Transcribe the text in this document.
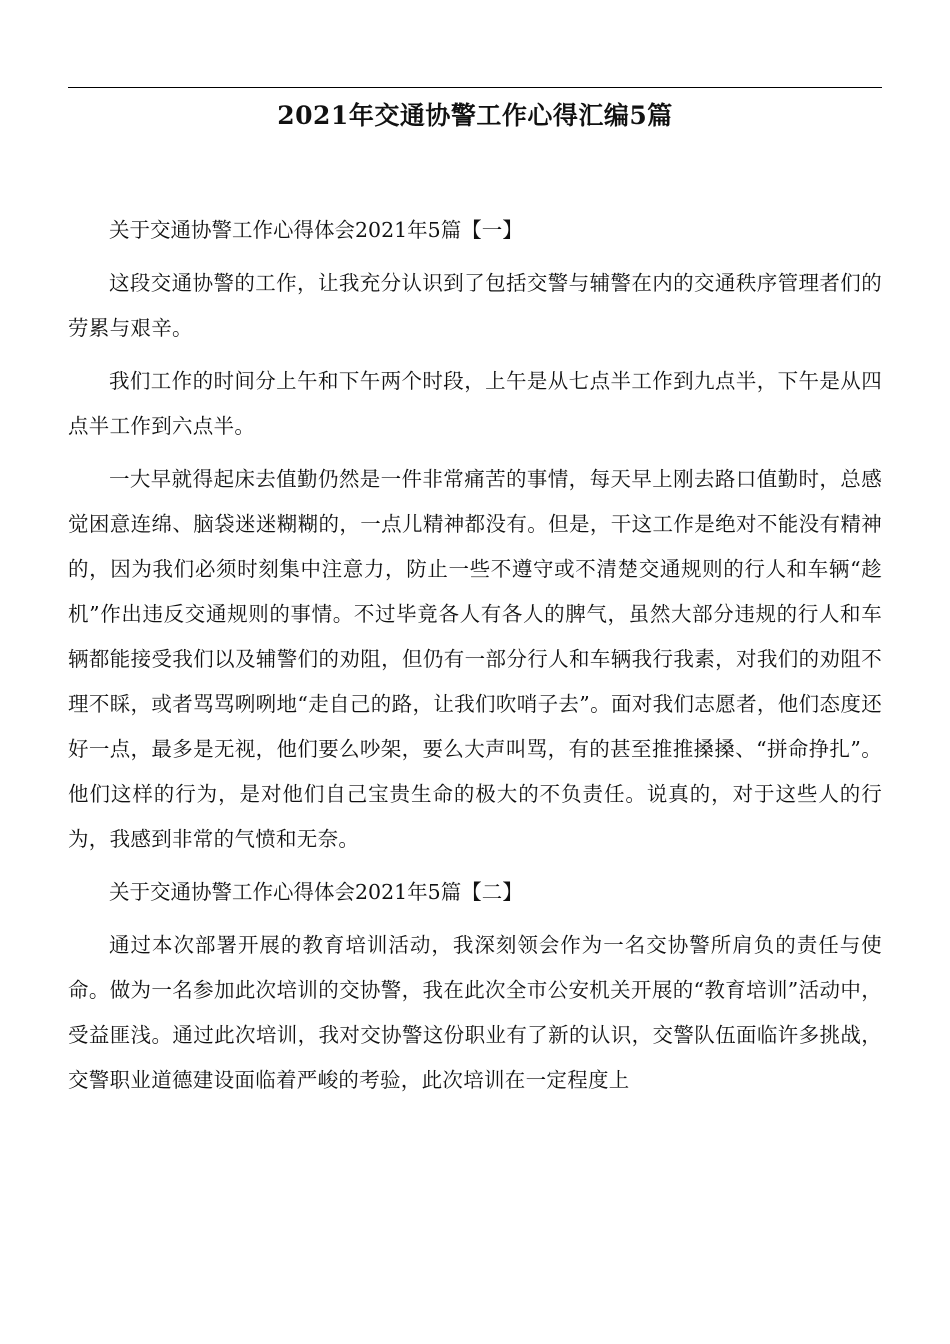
2021年交通协警工作心得汇编5篇

关于交通协警工作心得体会2021年5篇【一】

这段交通协警的工作，让我充分认识到了包括交警与辅警在内的交通秩序管理者们的劳累与艰辛。

我们工作的时间分上午和下午两个时段，上午是从七点半工作到九点半，下午是从四点半工作到六点半。

一大早就得起床去值勤仍然是一件非常痛苦的事情，每天早上刚去路口值勤时，总感觉困意连绵、脑袋迷迷糊糊的，一点儿精神都没有。但是，干这工作是绝对不能没有精神的，因为我们必须时刻集中注意力，防止一些不遵守或不清楚交通规则的行人和车辆“趁机”作出违反交通规则的事情。不过毕竟各人有各人的脾气，虽然大部分违规的行人和车辆都能接受我们以及辅警们的劝阻，但仍有一部分行人和车辆我行我素，对我们的劝阻不理不睬，或者骂骂咧咧地“走自己的路，让我们吹哨子去”。面对我们志愿者，他们态度还好一点，最多是无视，他们要么吵架，要么大声叫骂，有的甚至推推搡搡、“拼命挣扎”。他们这样的行为，是对他们自己宝贵生命的极大的不负责任。说真的，对于这些人的行为，我感到非常的气愤和无奈。

关于交通协警工作心得体会2021年5篇【二】

通过本次部署开展的教育培训活动，我深刻领会作为一名交协警所肩负的责任与使命。做为一名参加此次培训的交协警，我在此次全市公安机关开展的“教育培训”活动中，受益匪浅。通过此次培训，我对交协警这份职业有了新的认识，交警队伍面临许多挑战，交警职业道德建设面临着严峻的考验，此次培训在一定程度上
